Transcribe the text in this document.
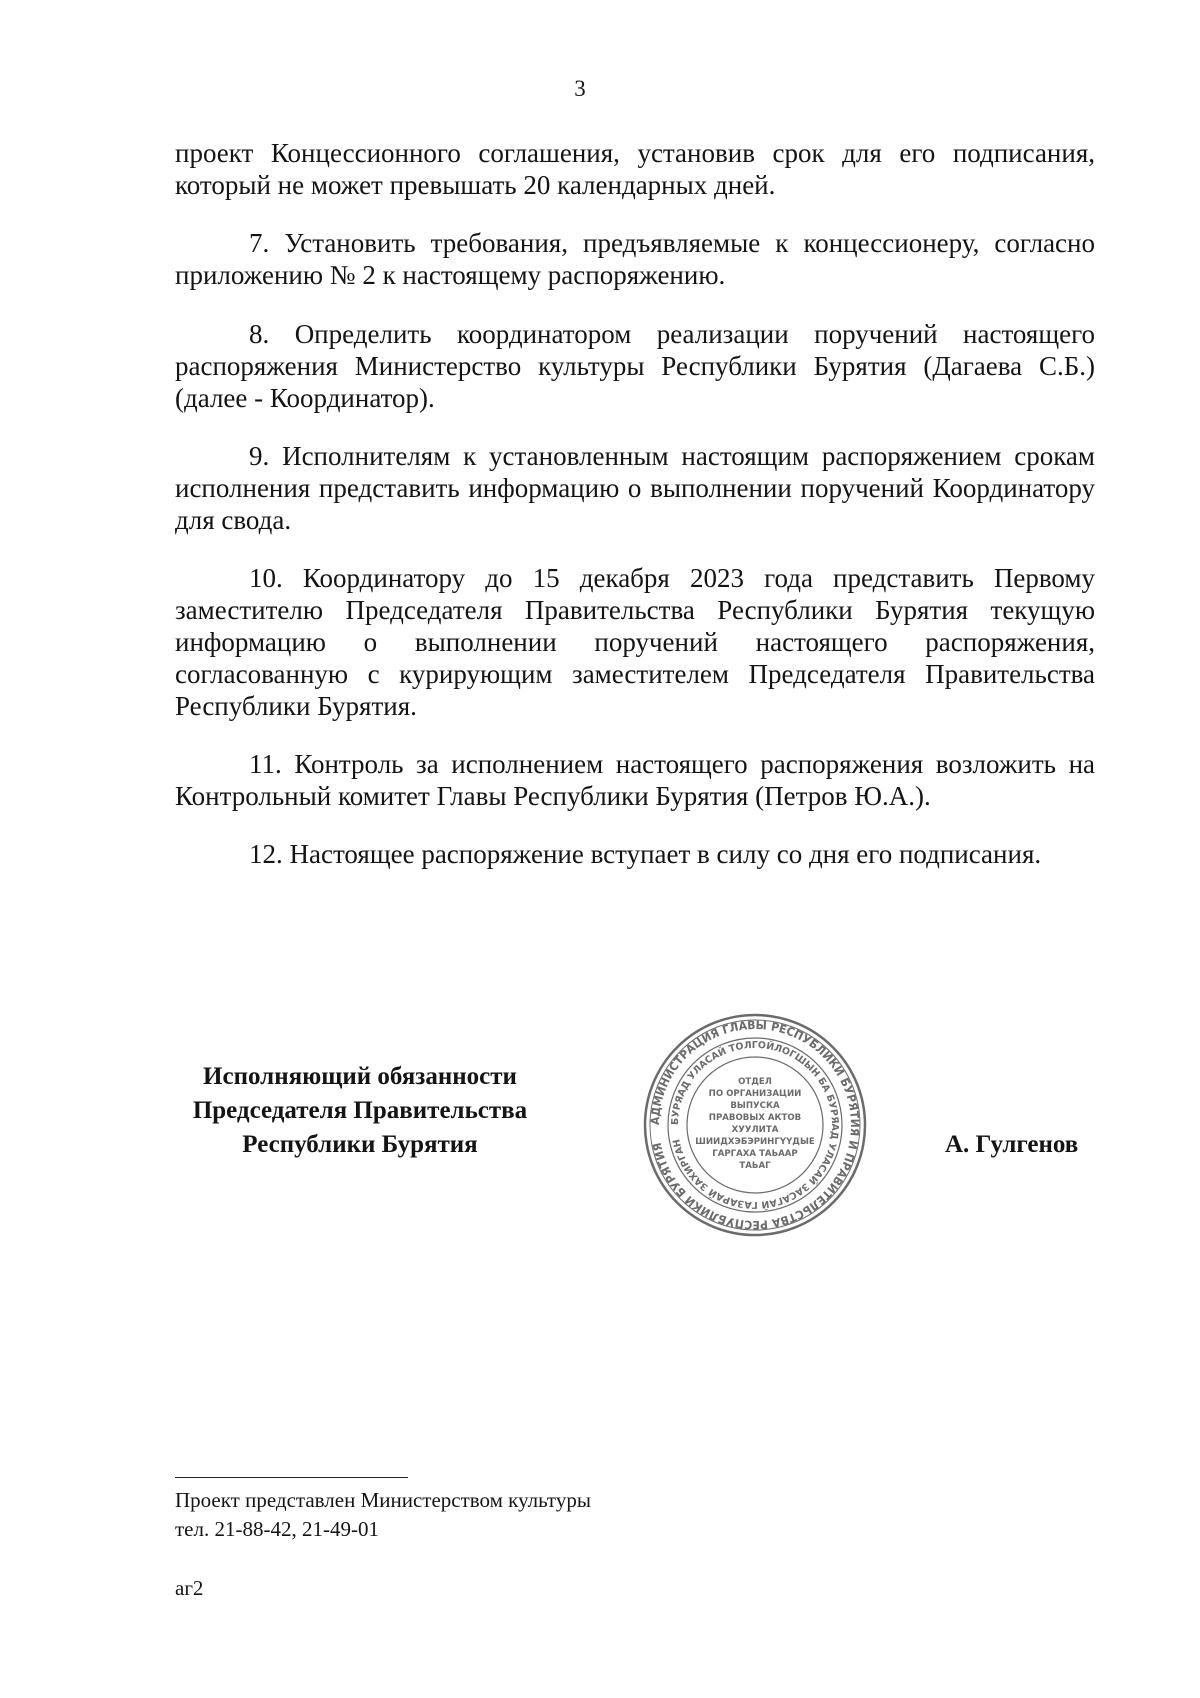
3

проект Концессионного соглашения, установив срок для его подписания, который не может превышать 20 календарных дней.

7. Установить требования, предъявляемые к концессионеру, согласно приложению № 2 к настоящему распоряжению.

8. Определить координатором реализации поручений настоящего распоряжения Министерство культуры Республики Бурятия (Дагаева С.Б.) (далее - Координатор).

9. Исполнителям к установленным настоящим распоряжением срокам исполнения представить информацию о выполнении поручений Координатору для свода.

10. Координатору до 15 декабря 2023 года представить Первому заместителю Председателя Правительства Республики Бурятия текущую информацию о выполнении поручений настоящего распоряжения, согласованную с курирующим заместителем Председателя Правительства Республики Бурятия.

11. Контроль за исполнением настоящего распоряжения возложить на Контрольный комитет Главы Республики Бурятия (Петров Ю.А.).

12. Настоящее распоряжение вступает в силу со дня его подписания.

Исполняющий обязанности
Председателя Правительства
Республики Бурятия
АДМИНИСТРАЦИЯ ГЛАВЫ РЕСПУБЛИКИ БУРЯТИЯ И ПРАВИТЕЛЬСТВА РЕСПУБЛИКИ БУРЯТИЯ
БУРЯАД УЛАСАЙ ТОЛГОЙЛОГШЫН БА БУРЯАД УЛАСАЙ ЗАСАГАЙ ГАЗАРАЙ ЗАХИРГАН
ОТДЕЛ
ПО ОРГАНИЗАЦИИ
ВЫПУСКА
ПРАВОВЫХ АКТОВ
ХУУЛИТА
ШИИДХЭБЭРИНГҮҮДЫЕ
ГАРГАХА ТАЬААР
ТАЬАГ
А. Гулгенов
Проект представлен Министерством культуры
тел. 21-88-42, 21-49-01
аг2
